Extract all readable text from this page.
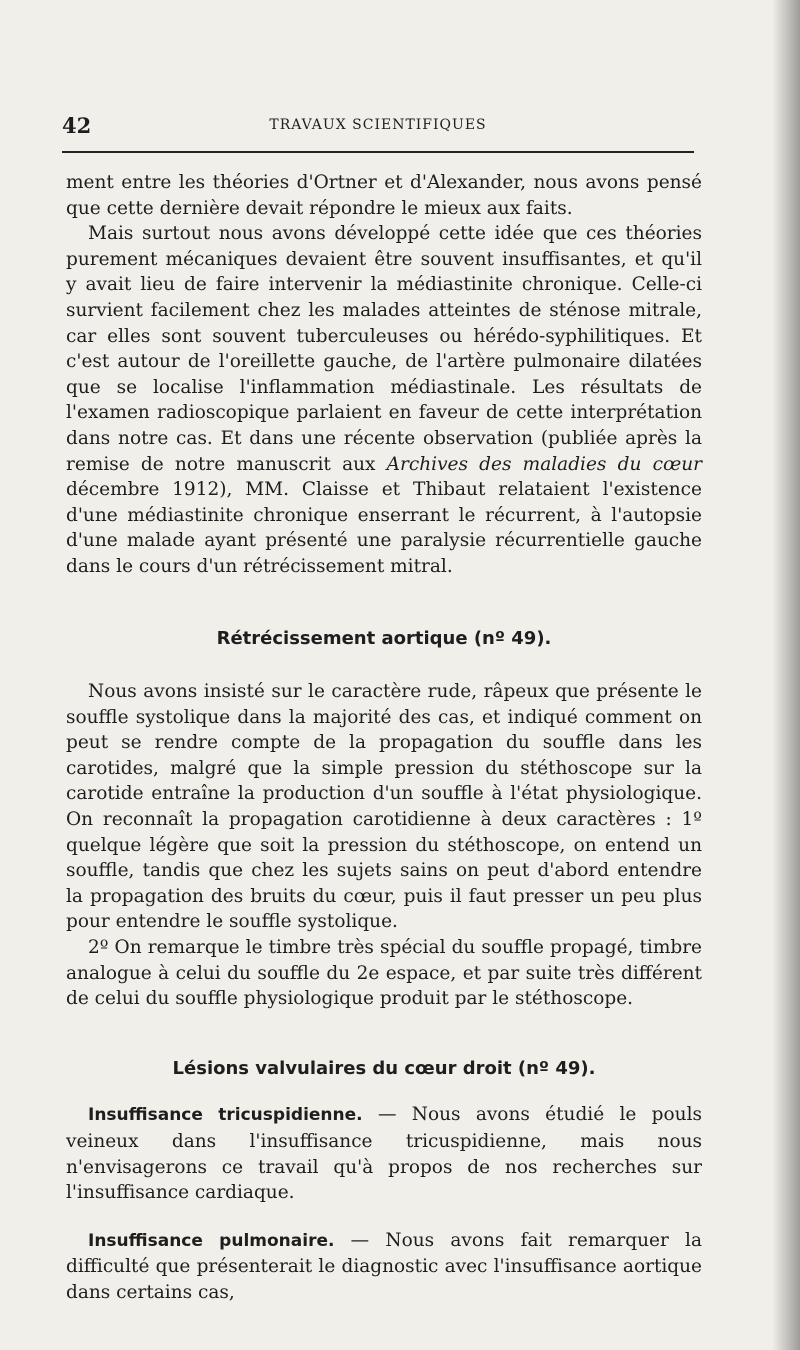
42	TRAVAUX SCIENTIFIQUES

ment entre les théories d'Ortner et d'Alexander, nous avons pensé que cette dernière devait répondre le mieux aux faits.

Mais surtout nous avons développé cette idée que ces théories purement mécaniques devaient être souvent insuffisantes, et qu'il y avait lieu de faire intervenir la médiastinite chronique. Celle-ci survient facilement chez les malades atteintes de sténose mitrale, car elles sont souvent tuberculeuses ou hérédo-syphilitiques. Et c'est autour de l'oreillette gauche, de l'artère pulmonaire dilatées que se localise l'inflammation médiastinale. Les résultats de l'examen radioscopique parlaient en faveur de cette interprétation dans notre cas. Et dans une récente observation (publiée après la remise de notre manuscrit aux Archives des maladies du cœur décembre 1912), MM. Claisse et Thibaut relataient l'existence d'une médiastinite chronique enserrant le récurrent, à l'autopsie d'une malade ayant présenté une paralysie récurrentielle gauche dans le cours d'un rétrécissement mitral.

Rétrécissement aortique (nº 49).

Nous avons insisté sur le caractère rude, râpeux que présente le souffle systolique dans la majorité des cas, et indiqué comment on peut se rendre compte de la propagation du souffle dans les carotides, malgré que la simple pression du stéthoscope sur la carotide entraîne la production d'un souffle à l'état physiologique. On reconnaît la propagation carotidienne à deux caractères : 1º quelque légère que soit la pression du stéthoscope, on entend un souffle, tandis que chez les sujets sains on peut d'abord entendre la propagation des bruits du cœur, puis il faut presser un peu plus pour entendre le souffle systolique.

2º On remarque le timbre très spécial du souffle propagé, timbre analogue à celui du souffle du 2e espace, et par suite très différent de celui du souffle physiologique produit par le stéthoscope.

Lésions valvulaires du cœur droit (nº 49).

Insuffisance tricuspidienne. — Nous avons étudié le pouls veineux dans l'insuffisance tricuspidienne, mais nous n'envisagerons ce travail qu'à propos de nos recherches sur l'insuffisance cardiaque.

Insuffisance pulmonaire. — Nous avons fait remarquer la difficulté que présenterait le diagnostic avec l'insuffisance aortique dans certains cas,
